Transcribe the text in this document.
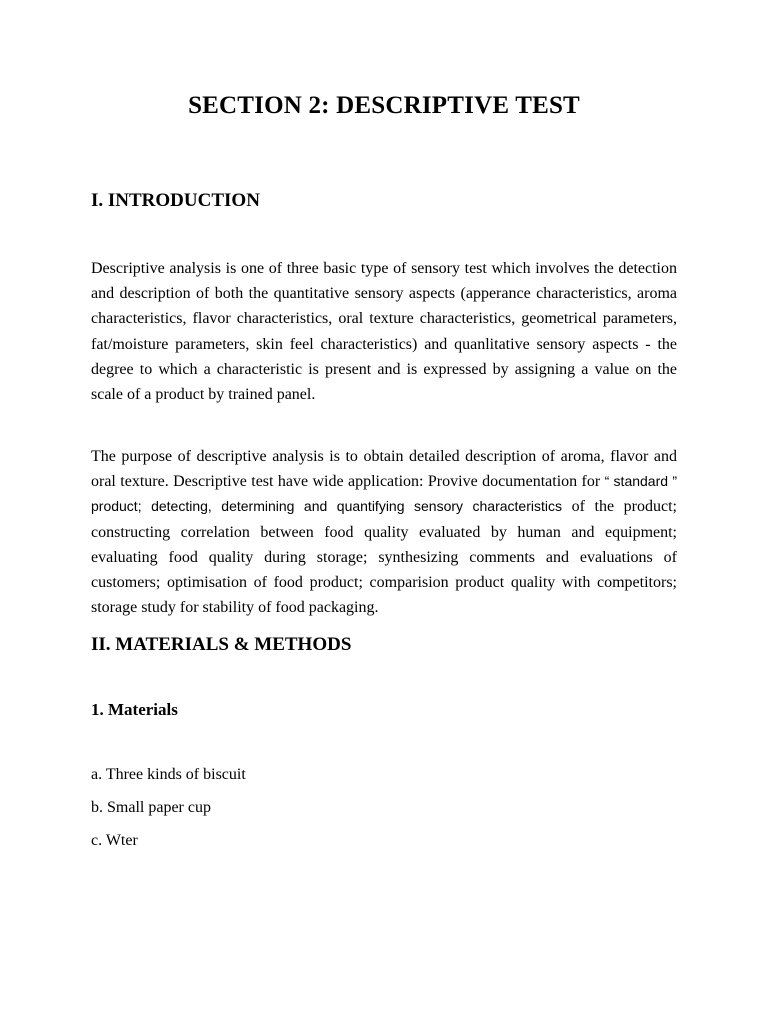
SECTION 2: DESCRIPTIVE TEST
I. INTRODUCTION

Descriptive analysis is one of three basic type of sensory test which involves the detection and description of both the quantitative sensory aspects (apperance characteristics, aroma characteristics, flavor characteristics, oral texture characteristics, geometrical parameters, fat/moisture parameters, skin feel characteristics) and quanlitative sensory aspects - the degree to which a characteristic is present and is expressed by assigning a value on the scale of a product by trained panel.

The purpose of descriptive analysis is to obtain detailed description of aroma, flavor and oral texture. Descriptive test have wide application: Provive documentation for “ standard ” product; detecting, determining and quantifying sensory characteristics of the product; constructing correlation between food quality evaluated by human and equipment; evaluating food quality during storage; synthesizing comments and evaluations of customers; optimisation of food product; comparision product quality with competitors; storage study for stability of food packaging.

II. MATERIALS & METHODS
1. Materials
a. Three kinds of biscuit
b. Small paper cup
c. Wter
